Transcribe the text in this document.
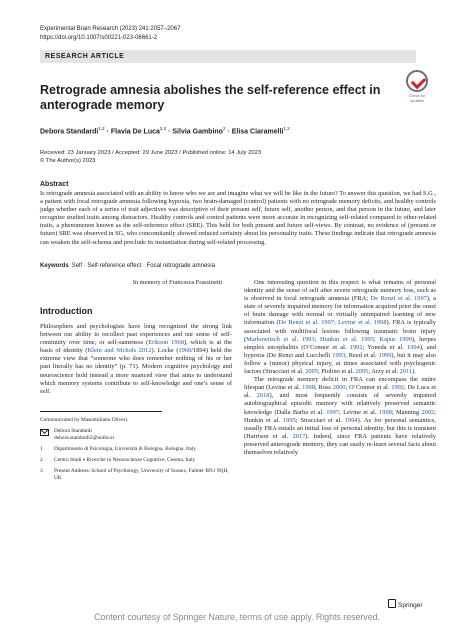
Experimental Brain Research (2023) 241:2057–2067
https://doi.org/10.1007/s00221-023-06661-2
RESEARCH ARTICLE
Check for updates
Retrograde amnesia abolishes the self-reference effect in anterograde memory
Debora Standardi$^{1,2}$ · Flavia De Luca$^{2,3}$ · Silvia Gambino$^2$ · Elisa Ciaramelli$^{1,2}$
Received: 23 January 2023 / Accepted: 29 June 2023 / Published online: 14 July 2023
© The Author(s) 2023
Abstract
Is retrograde amnesia associated with an ability to know who we are and imagine what we will be like in the future? To answer this question, we had S.G., a patient with focal retrograde amnesia following hypoxia, two brain-damaged (control) patients with no retrograde memory deficits, and healthy controls judge whether each of a series of trait adjectives was descriptive of their present self, future self, another person, and that person in the future, and later recognize studied traits among distractors. Healthy controls and control patients were more accurate in recognizing self-related compared to other-related traits, a phenomenon known as the self-reference effect (SRE). This held for both present and future self-views. By contrast, no evidence of (present or future) SRE was observed in SG, who concomitantly showed reduced certainty about his personality traits. These findings indicate that retrograde amnesia can weaken the self-schema and preclude its instantiation during self-related processing.
Keywords Self · Self-reference effect · Focal retrograde amnesia
In memory of Francesca Frassinetti
Introduction

Philosophers and psychologists have long recognized the strong link between our ability to recollect past experiences and our sense of self-continuity over time, or self-sameness (Erikson 1968), which is at the basis of identity (Klein and Nichols 2012). Locke (1960/1894) held the extreme view that “someone who does remember nothing of his or her past literally has no identity” (p. 71). Modern cognitive psychology and neuroscience hold instead a more nuanced view that aims to understand which memory systems contribute to self-knowledge and one’s sense of self.

Communicated by Massimiliano Oliveri.
Debora Standardi
debora.standardi2@unibo.it
1 Dipartimento di Psicologia, Università di Bologna, Bologna, Italy
2 Centro Studi e Ricerche in Neuroscienze Cognitive, Cesena, Italy
3 Present Address: School of Psychology, University of Sussex, Falmer BN1 9QH, UK

One interesting question in this respect is what remains of personal identity and the sense of self after severe retrograde memory loss, such as is observed in focal retrograde amnesia (FRA; De Renzi et al. 1997), a state of severely impaired memory for information acquired prior the onset of brain damage with normal or virtually unimpaired learning of new information (De Renzi et al. 1997; Levine et al. 1998). FRA is typically associated with multifocal lesions following traumatic brain injury (Markowitsch et al. 1993; Hunkin et al. 1995; Kapur 1999), herpes simplex encephalitis (O’Connor et al. 1992; Yoneda et al. 1994), and hypoxia (De Renzi and Lucchelli 1993; Reed et al. 1999), but it may also follow a (minor) physical injury, at times associated with psychogenic factors (Stracciari et al. 2005; Piolino et al. 2005; Arzy et al. 2011).

The retrograde memory deficit in FRA can encompass the entire lifespan (Levine et al. 1998; Ross 2000; O’Connor et al. 1992; De Luca et al. 2018), and most frequently consists of severely impaired autobiographical episodic memory with relatively preserved semantic knowledge (Dalla Barba et al. 1997; Levine et al. 1998; Manning 2002; Hunkin et al. 1995; Stracciari et al. 1994). As for personal semantics, usually FRA entails an initial loss of personal identity, but this is transient (Harrison et al. 2017). Indeed, since FRA patients have relatively preserved anterograde memory, they can easily re-learn several facts about themselves relatively

Springer
Content courtesy of Springer Nature, terms of use apply. Rights reserved.
